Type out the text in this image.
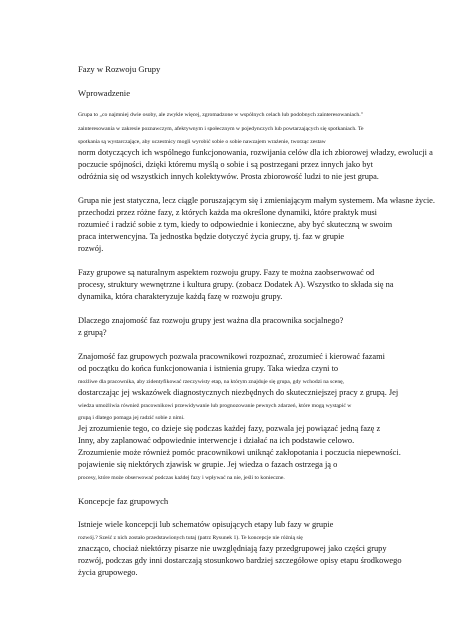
Fazy w Rozwoju Grupy
Wprowadzenie
Grupa to „co najmniej dwie osoby, ale zwykle więcej, zgromadzone w wspólnych celach lub podobnych zainteresowaniach."
zainteresowania w zakresie poznawczym, afektywnym i społecznym w pojedynczych lub powtarzających się spotkaniach. Te
spotkania są wystarczające, aby uczestnicy mogli wyrobić sobie o sobie nawzajem wrażenie, tworząc zestaw
norm dotyczących ich wspólnego funkcjonowania, rozwijania celów dla ich zbiorowej władzy, ewolucji a
poczucie spójności, dzięki któremu myślą o sobie i są postrzegani przez innych jako byt
odróżnia się od wszystkich innych kolektywów. Prosta zbiorowość ludzi to nie jest grupa.
Grupa nie jest statyczna, lecz ciągle poruszającym się i zmieniającym małym systemem. Ma własne życie.
przechodzi przez różne fazy, z których każda ma określone dynamiki, które praktyk musi
rozumieć i radzić sobie z tym, kiedy to odpowiednie i konieczne, aby być skuteczną w swoim
praca interwencyjna. Ta jednostka będzie dotyczyć życia grupy, tj. faz w grupie
rozwój.
Fazy grupowe są naturalnym aspektem rozwoju grupy. Fazy te można zaobserwować od
procesy, struktury wewnętrzne i kultura grupy. (zobacz Dodatek A). Wszystko to składa się na
dynamika, która charakteryzuje każdą fazę w rozwoju grupy.
Dlaczego znajomość faz rozwoju grupy jest ważna dla pracownika socjalnego?
z grupą?
Znajomość faz grupowych pozwala pracownikowi rozpoznać, zrozumieć i kierować fazami
od początku do końca funkcjonowania i istnienia grupy. Taka wiedza czyni to
możliwe dla pracownika, aby zidentyfikować rzeczywisty etap, na którym znajduje się grupa, gdy wchodzi na scenę,
dostarczając jej wskazówek diagnostycznych niezbędnych do skuteczniejszej pracy z grupą. Jej
wiedza umożliwia również pracownikowi przewidywanie lub prognozowanie pewnych zdarzeń, które mogą wystąpić w
grupą i dlatego pomaga jej radzić sobie z nimi.
Jej zrozumienie tego, co dzieje się podczas każdej fazy, pozwala jej powiązać jedną fazę z
Inny, aby zaplanować odpowiednie interwencje i działać na ich podstawie celowo.
Zrozumienie może również pomóc pracownikowi uniknąć zakłopotania i poczucia niepewności.
pojawienie się niektórych zjawisk w grupie. Jej wiedza o fazach ostrzega ją o
procesy, które może obserwować podczas każdej fazy i wpływać na nie, jeśli to konieczne.
Koncepcje faz grupowych
Istnieje wiele koncepcji lub schematów opisujących etapy lub fazy w grupie
rozwój.? Sześć z nich zostało przedstawionych tutaj (patrz Rysunek 1). Te koncepcje nie różnią się
znacząco, chociaż niektórzy pisarze nie uwzględniają fazy przedgrupowej jako części grupy
rozwój, podczas gdy inni dostarczają stosunkowo bardziej szczegółowe opisy etapu środkowego
życia grupowego.
